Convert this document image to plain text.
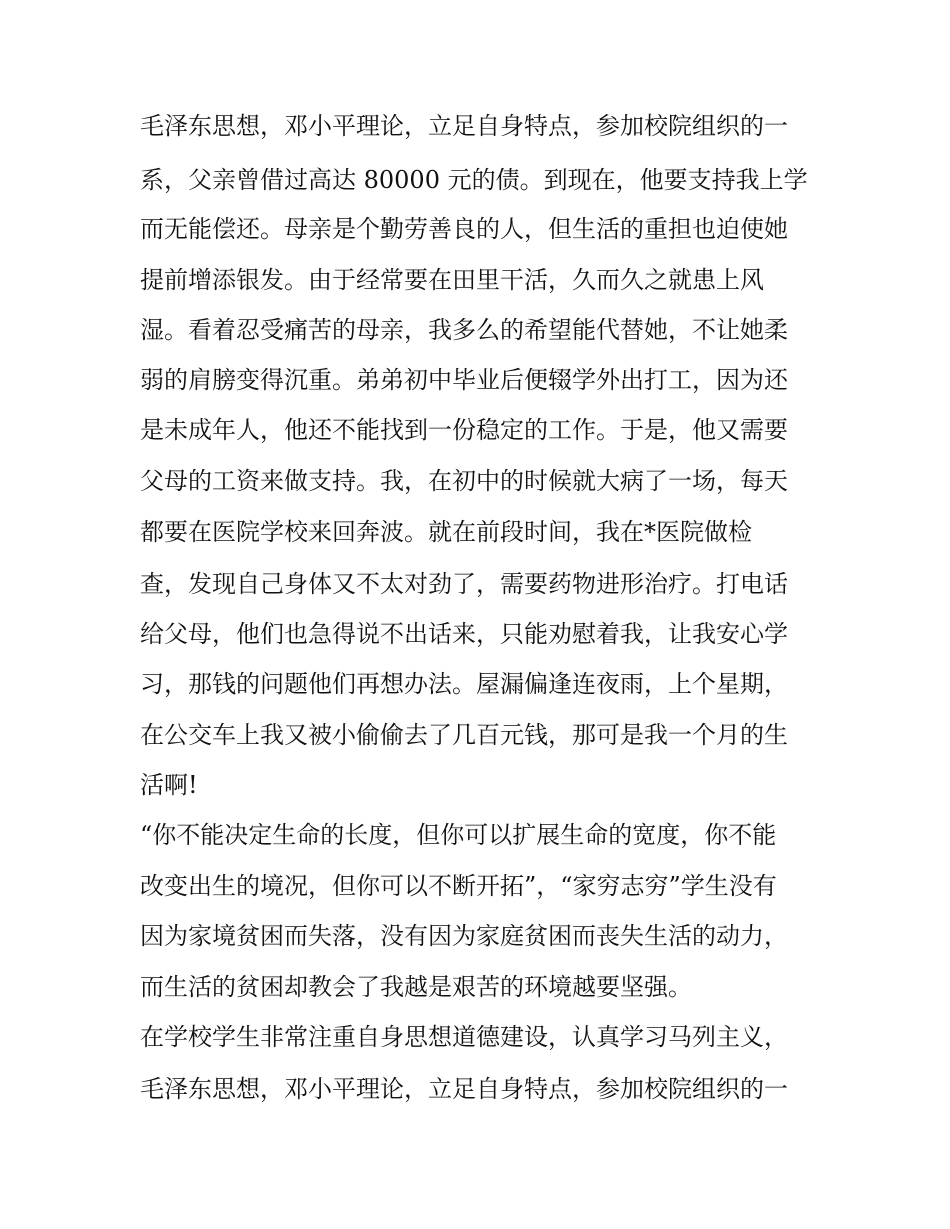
毛泽东思想，邓小平理论，立足自身特点，参加校院组织的一
系，父亲曾借过高达 80000 元的债。到现在，他要支持我上学
而无能偿还。母亲是个勤劳善良的人，但生活的重担也迫使她
提前增添银发。由于经常要在田里干活，久而久之就患上风
湿。看着忍受痛苦的母亲，我多么的希望能代替她，不让她柔
弱的肩膀变得沉重。弟弟初中毕业后便辍学外出打工，因为还
是未成年人，他还不能找到一份稳定的工作。于是，他又需要
父母的工资来做支持。我，在初中的时候就大病了一场，每天
都要在医院学校来回奔波。就在前段时间，我在*医院做检
查，发现自己身体又不太对劲了，需要药物进形治疗。打电话
给父母，他们也急得说不出话来，只能劝慰着我，让我安心学
习，那钱的问题他们再想办法。屋漏偏逢连夜雨，上个星期，
在公交车上我又被小偷偷去了几百元钱，那可是我一个月的生
活啊!
“你不能决定生命的长度，但你可以扩展生命的宽度，你不能
改变出生的境况，但你可以不断开拓”，“家穷志穷”学生没有
因为家境贫困而失落，没有因为家庭贫困而丧失生活的动力，
而生活的贫困却教会了我越是艰苦的环境越要坚强。
在学校学生非常注重自身思想道德建设，认真学习马列主义，
毛泽东思想，邓小平理论，立足自身特点，参加校院组织的一
